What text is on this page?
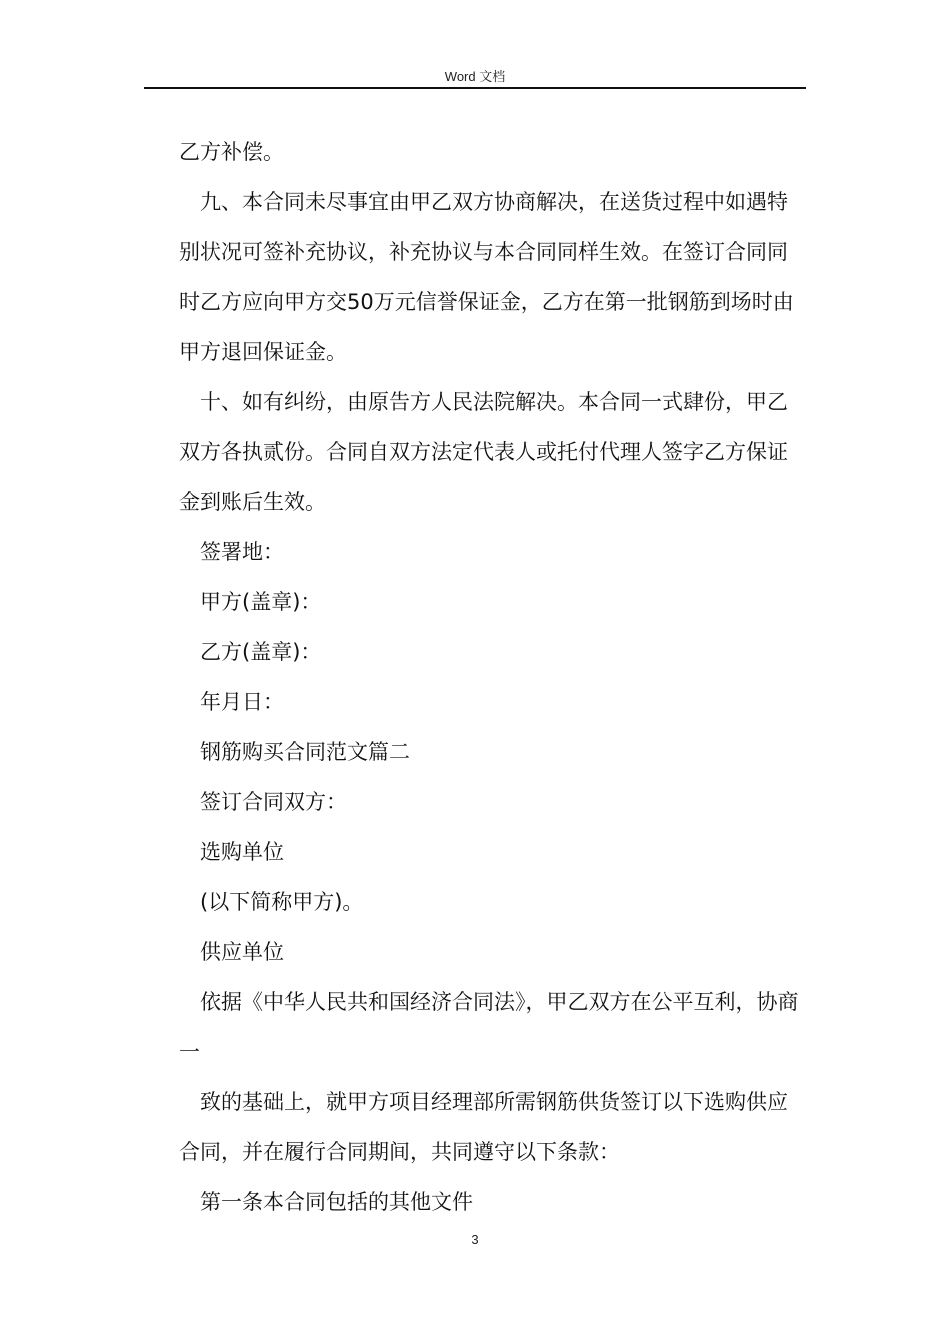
Word 文档

乙方补偿。

九、本合同未尽事宜由甲乙双方协商解决，在送货过程中如遇特别状况可签补充协议，补充协议与本合同同样生效。在签订合同同时乙方应向甲方交50万元信誉保证金，乙方在第一批钢筋到场时由甲方退回保证金。

十、如有纠纷，由原告方人民法院解决。本合同一式肆份，甲乙双方各执贰份。合同自双方法定代表人或托付代理人签字乙方保证金到账后生效。

签署地：

甲方(盖章)：

乙方(盖章)：

年月日：

钢筋购买合同范文篇二

签订合同双方：

选购单位

(以下简称甲方)。

供应单位

依据《中华人民共和国经济合同法》，甲乙双方在公平互利，协商一

致的基础上，就甲方项目经理部所需钢筋供货签订以下选购供应合同，并在履行合同期间，共同遵守以下条款：

第一条本合同包括的其他文件

3
